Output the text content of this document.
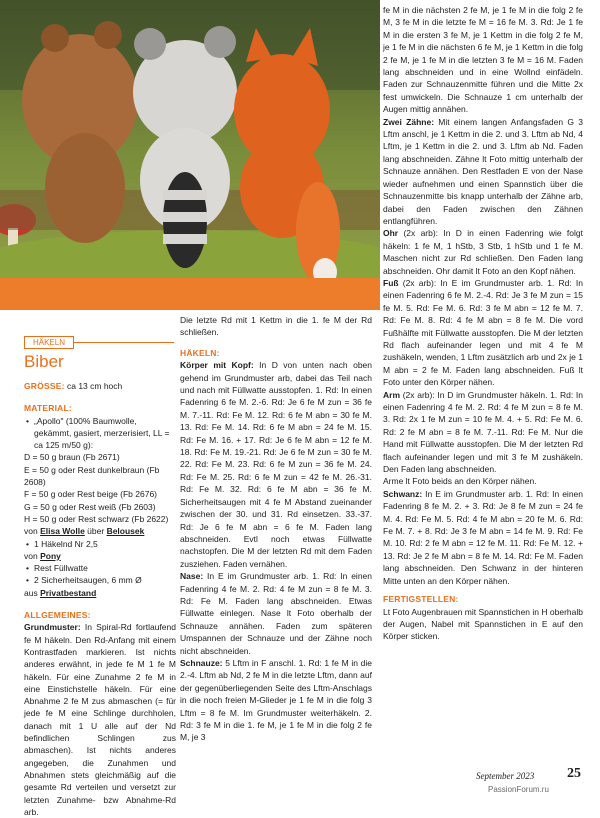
fe M in die nächsten 2 fe M, je 1 fe M in die folg 2 fe M, 3 fe M in die letzte fe M = 16 fe M. 3. Rd: Je 1 fe M in die ersten 3 fe M, je 1 Kettm in die folg 2 fe M, je 1 fe M in die nächsten 6 fe M, je 1 Kettm in die folg 2 fe M, je 1 fe M in die letzten 3 fe M = 16 M. Faden lang abschneiden und in eine Wollnd einfädeln. Faden zur Schnauzenmitte führen und die Mitte 2x fest umwickeln. Die Schnauze 1 cm unterhalb der Augen mittig annähen.

Zwei Zähne: Mit einem langen Anfangsfaden G 3 Lftm anschl, je 1 Kettm in die 2. und 3. Lftm ab Nd, 4 Lftm, je 1 Kettm in die 2. und 3. Lftm ab Nd. Faden lang abschneiden. Zähne lt Foto mittig unterhalb der Schnauze annähen. Den Restfaden E von der Nase wieder aufnehmen und einen Spannstich über die Schnauzenmitte bis knapp unterhalb der Zähne arb, dabei den Faden zwischen den Zähnen entlangführen.

Ohr (2x arb): In D in einen Fadenring wie folgt häkeln: 1 fe M, 1 hStb, 3 Stb, 1 hStb und 1 fe M. Maschen nicht zur Rd schließen. Den Faden lang abschneiden. Ohr damit lt Foto an den Kopf nähen.

Fuß (2x arb): In E im Grundmuster arb. 1. Rd: In einen Fadenring 6 fe M. 2.-4. Rd: Je 3 fe M zun = 15 fe M. 5. Rd: Fe M. 6. Rd: 3 fe M abn = 12 fe M. 7. Rd: Fe M. 8. Rd: 4 fe M abn = 8 fe M. Die vord Fußhälfte mit Füllwatte ausstopfen. Die M der letzten Rd flach aufeinander legen und mit 4 fe M zushäkeln, wenden, 1 Lftm zusätzlich arb und 2x je 1 M abn = 2 fe M. Faden lang abschneiden. Fuß lt Foto unter den Körper nähen.

Arm (2x arb): In D im Grundmuster häkeln. 1. Rd: In einen Fadenring 4 fe M. 2. Rd: 4 fe M zun = 8 fe M. 3. Rd: 2x 1 fe M zun = 10 fe M. 4. + 5. Rd: Fe M. 6. Rd: 2 fe M abn = 8 fe M. 7.-11. Rd: Fe M. Nur die Hand mit Füllwatte ausstopfen. Die M der letzten Rd flach aufeinander legen und mit 3 fe M zushäkeln. Den Faden lang abschneiden.

Arme lt Foto beids an den Körper nähen.

Schwanz: In E im Grundmuster arb. 1. Rd: In einen Fadenring 8 fe M. 2. + 3. Rd: Je 8 fe M zun = 24 fe M. 4. Rd: Fe M. 5. Rd: 4 fe M abn = 20 fe M. 6. Rd: Fe M. 7. + 8. Rd: Je 3 fe M abn = 14 fe M. 9. Rd: Fe M. 10. Rd: 2 fe M abn = 12 fe M. 11. Rd: Fe M. 12. + 13. Rd: Je 2 fe M abn = 8 fe M. 14. Rd: Fe M. Faden lang abschneiden. Den Schwanz in der hinteren Mitte unten an den Körper nähen.

FERTIGSTELLEN:

Lt Foto Augenbrauen mit Spannstichen in H oberhalb der Augen, Nabel mit Spannstichen in E auf den Körper sticken.

Die letzte Rd mit 1 Kettm in die 1. fe M der Rd schließen.

HÄKELN:

Körper mit Kopf: In D von unten nach oben gehend im Grundmuster arb, dabei das Teil nach und nach mit Füllwatte ausstopfen. 1. Rd: In einen Fadenring 6 fe M. 2.-6. Rd: Je 6 fe M zun = 36 fe M. 7.-11. Rd: Fe M. 12. Rd: 6 fe M abn = 30 fe M. 13. Rd: Fe M. 14. Rd: 6 fe M abn = 24 fe M. 15. Rd: Fe M. 16. + 17. Rd: Je 6 fe M abn = 12 fe M. 18. Rd: Fe M. 19.-21. Rd: Je 6 fe M zun = 30 fe M. 22. Rd: Fe M. 23. Rd: 6 fe M zun = 36 fe M. 24. Rd: Fe M. 25. Rd: 6 fe M zun = 42 fe M. 26.-31. Rd: Fe M. 32. Rd: 6 fe M abn = 36 fe M. Sicherheitsaugen mit 4 fe M Abstand zueinander zwischen der 30. und 31. Rd einsetzen. 33.-37. Rd: Je 6 fe M abn = 6 fe M. Faden lang abschneiden. Evtl noch etwas Füllwatte nachstopfen. Die M der letzten Rd mit dem Faden zusziehen. Faden vernähen.

Nase: In E im Grundmuster arb. 1. Rd: In einen Fadenring 4 fe M. 2. Rd: 4 fe M zun = 8 fe M. 3. Rd: Fe M. Faden lang abschneiden. Etwas Füllwatte einlegen. Nase lt Foto oberhalb der Schnauze annähen. Faden zum späteren Umspannen der Schnauze und der Zähne noch nicht abschneiden.

Schnauze: 5 Lftm in F anschl. 1. Rd: 1 fe M in die 2.-4. Lftm ab Nd, 2 fe M in die letzte Lftm, dann auf der gegenüberliegenden Seite des Lftm-Anschlags in die noch freien M-Glieder je 1 fe M in die folg 3 Lftm = 8 fe M. Im Grundmuster weiterhäkeln. 2. Rd: 3 fe M in die 1. fe M, je 1 fe M in die folg 2 fe M, je 3

HÄKELN
Biber

GRÖSSE: ca 13 cm hoch

MATERIAL:

• „Apollo" (100% Baumwolle, gekämmt, gasiert, merzerisiert, LL = ca 125 m/50 g):

D = 50 g braun (Fb 2671)

E = 50 g oder Rest dunkelbraun (Fb 2608)

F = 50 g oder Rest beige (Fb 2676)

G = 50 g oder Rest weiß (Fb 2603)

H = 50 g oder Rest schwarz (Fb 2622)

von Elisa Wolle über Belousek

• 1 Häkelnd Nr 2,5

von Pony

• Rest Füllwatte
• 2 Sicherheitsaugen, 6 mm Ø

aus Privatbestand

ALLGEMEINES:

Grundmuster: In Spiral-Rd fortlaufend fe M häkeln. Den Rd-Anfang mit einem Kontrastfaden markieren. Ist nichts anderes erwähnt, in jede fe M 1 fe M häkeln. Für eine Zunahme 2 fe M in eine Einstichstelle häkeln. Für eine Abnahme 2 fe M zus abmaschen (= für jede fe M eine Schlinge durchholen, danach mit 1 U alle auf der Nd befindlichen Schlingen zus abmaschen). Ist nichts anderes angegeben, die Zunahmen und Abnahmen stets gleichmäßig auf die gesamte Rd verteilen und versetzt zur letzten Zunahme- bzw Abnahme-Rd arb.

September 2023 25
PassionForum.ru
